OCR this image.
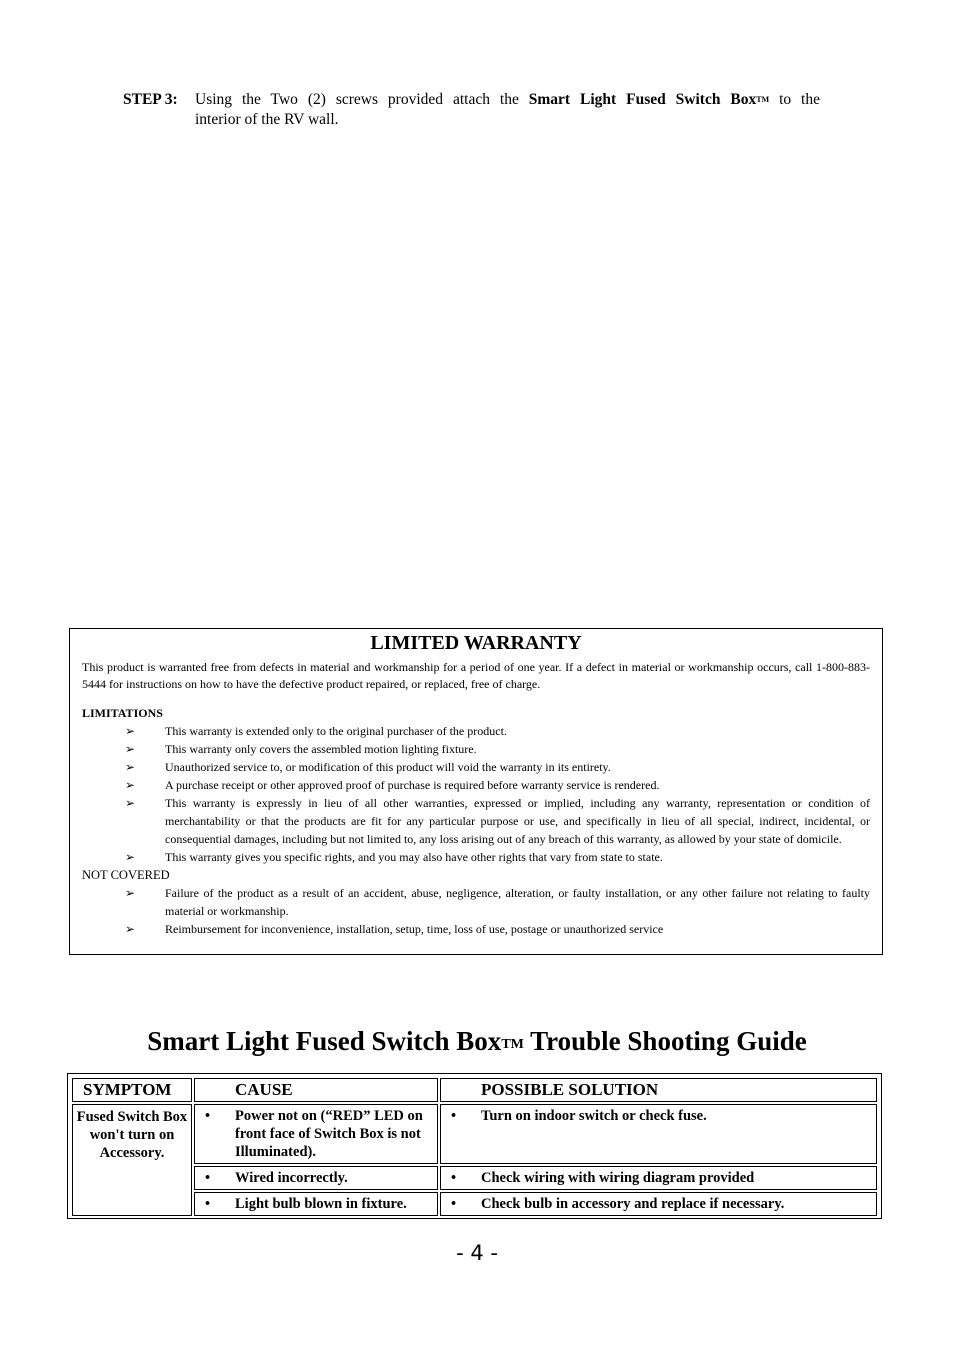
STEP 3: Using the Two (2) screws provided attach the Smart Light Fused Switch BoxTM to the
interior of the RV wall.
LIMITED WARRANTY
This product is warranted free from defects in material and workmanship for a period of one year. If a defect in material or workmanship occurs, call 1-800-883-5444 for instructions on how to have the defective product repaired, or replaced, free of charge.
LIMITATIONS
➢ This warranty is extended only to the original purchaser of the product.
➢ This warranty only covers the assembled motion lighting fixture.
➢ Unauthorized service to, or modification of this product will void the warranty in its entirety.
➢ A purchase receipt or other approved proof of purchase is required before warranty service is rendered.
➢ This warranty is expressly in lieu of all other warranties, expressed or implied, including any warranty, representation or condition of merchantability or that the products are fit for any particular purpose or use, and specifically in lieu of all special, indirect, incidental, or consequential damages, including but not limited to, any loss arising out of any breach of this warranty, as allowed by your state of domicile.
➢ This warranty gives you specific rights, and you may also have other rights that vary from state to state.
NOT COVERED
➢ Failure of the product as a result of an accident, abuse, negligence, alteration, or faulty installation, or any other failure not relating to faulty material or workmanship.
➢ Reimbursement for inconvenience, installation, setup, time, loss of use, postage or unauthorized service
Smart Light Fused Switch BoxTM Trouble Shooting Guide
SYMPTOM	CAUSE	POSSIBLE SOLUTION
Fused Switch Box won't turn on Accessory.	• Power not on (“RED” LED on front face of Switch Box is not Illuminated).	• Turn on indoor switch or check fuse.

	• Wired incorrectly.	• Check wiring with wiring diagram provided

	• Light bulb blown in fixture.	• Check bulb in accessory and replace if necessary.
- 4 -
